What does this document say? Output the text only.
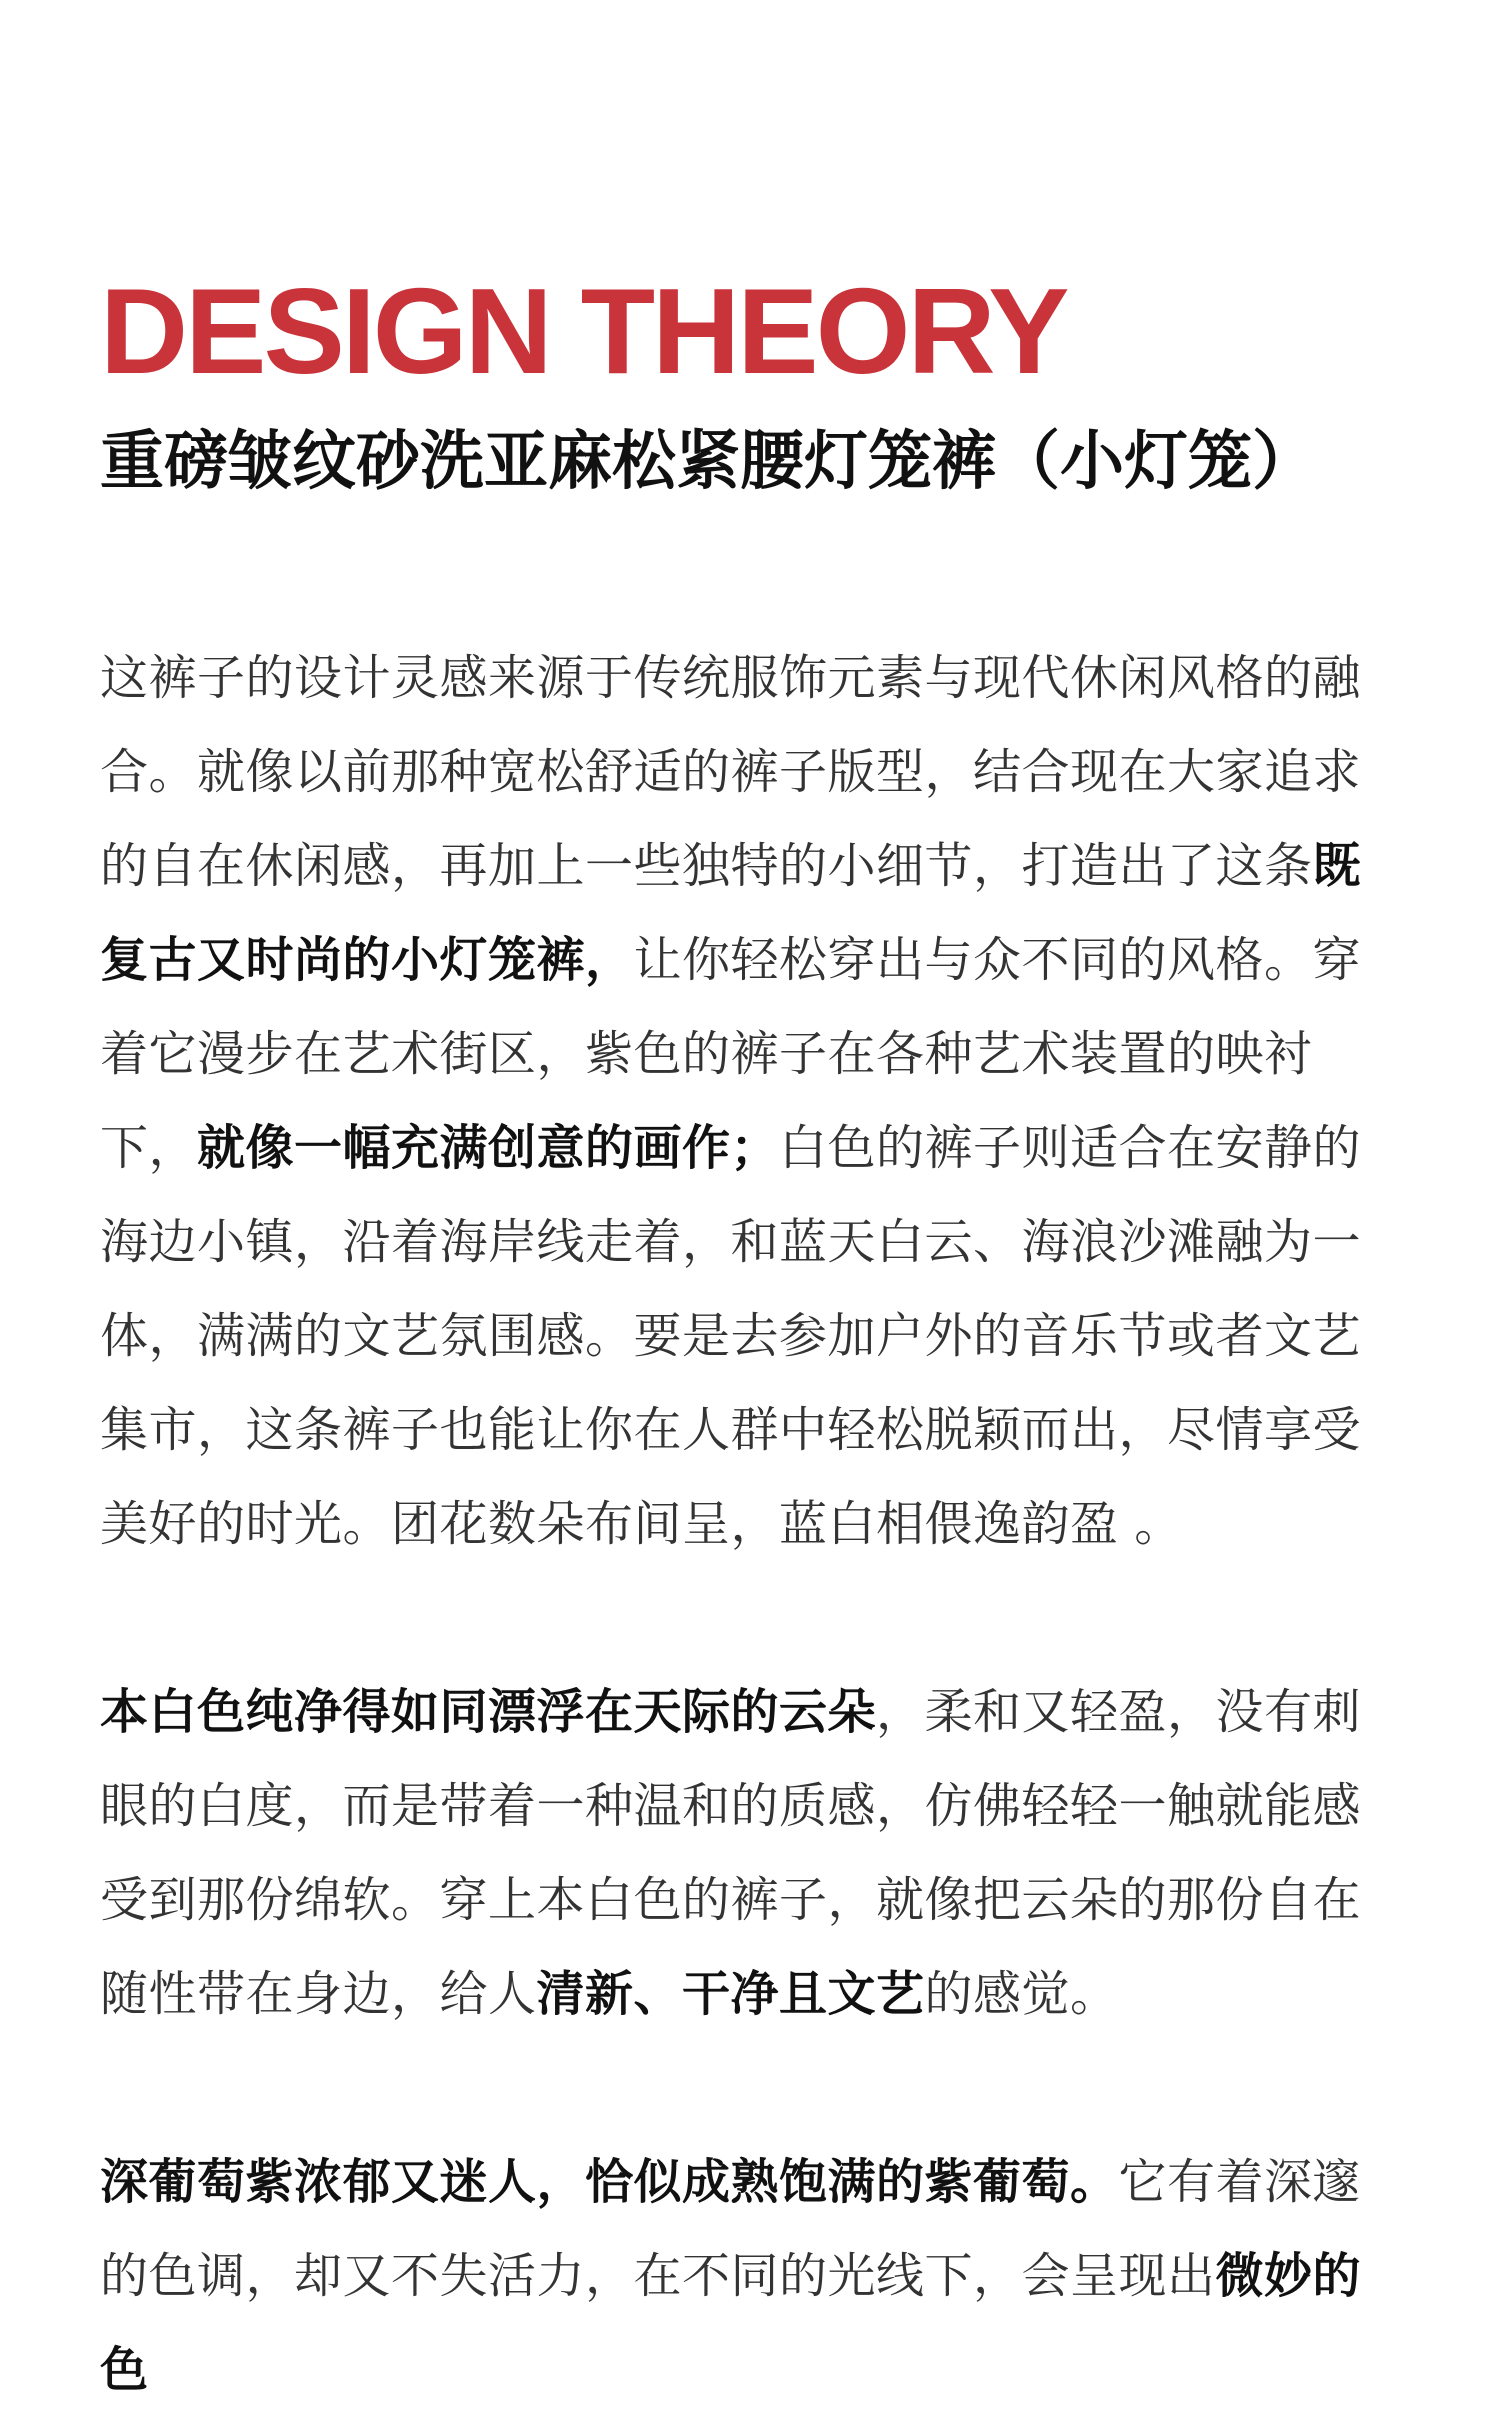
DESIGN THEORY
重磅皱纹砂洗亚麻松紧腰灯笼裤（小灯笼）

这裤子的设计灵感来源于传统服饰元素与现代休闲风格的融合。就像以前那种宽松舒适的裤子版型，结合现在大家追求的自在休闲感，再加上一些独特的小细节，打造出了这条既复古又时尚的小灯笼裤，让你轻松穿出与众不同的风格。穿着它漫步在艺术街区，紫色的裤子在各种艺术装置的映衬下，就像一幅充满创意的画作；白色的裤子则适合在安静的海边小镇，沿着海岸线走着，和蓝天白云、海浪沙滩融为一体，满满的文艺氛围感。要是去参加户外的音乐节或者文艺集市，这条裤子也能让你在人群中轻松脱颖而出，尽情享受美好的时光。团花数朵布间呈，蓝白相偎逸韵盈 。

本白色纯净得如同漂浮在天际的云朵，柔和又轻盈，没有刺眼的白度，而是带着一种温和的质感，仿佛轻轻一触就能感受到那份绵软。穿上本白色的裤子，就像把云朵的那份自在随性带在身边，给人清新、干净且文艺的感觉。

深葡萄紫浓郁又迷人，恰似成熟饱满的紫葡萄。它有着深邃的色调，却又不失活力，在不同的光线下，会呈现出微妙的色
